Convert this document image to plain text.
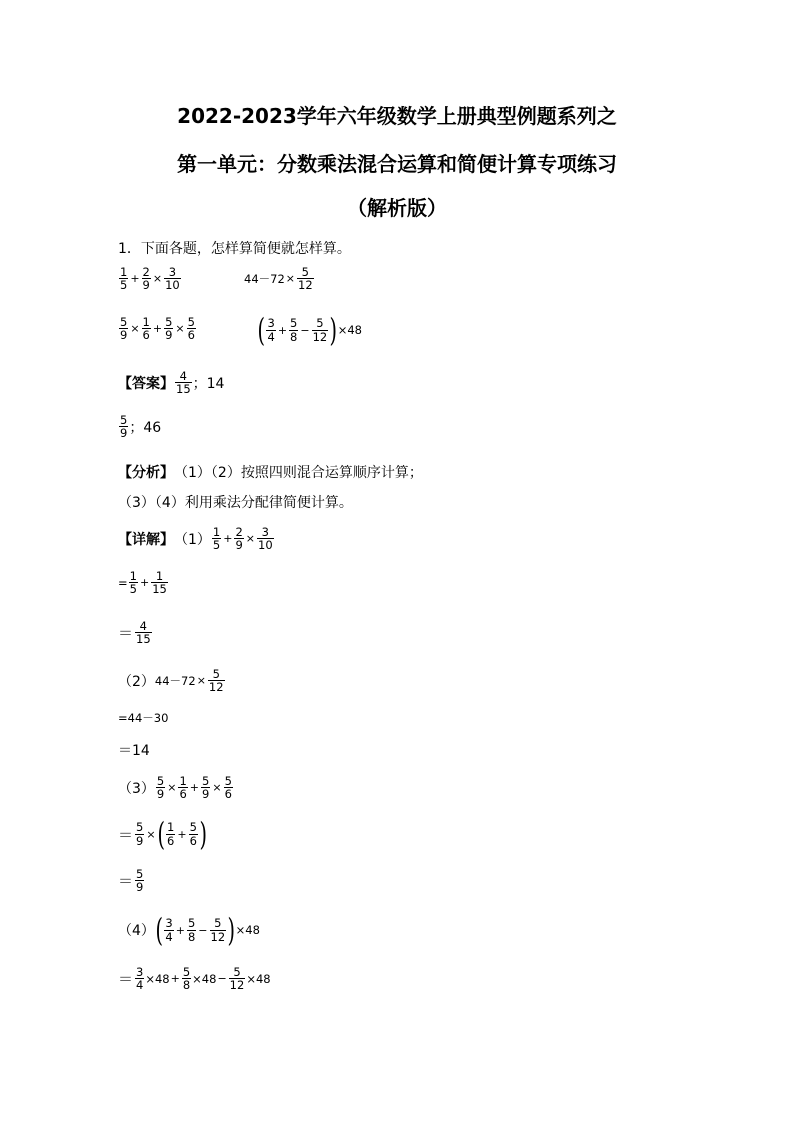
2022-2023学年六年级数学上册典型例题系列之
第一单元：分数乘法混合运算和简便计算专项练习
（解析版）
1．下面各题，怎样算简便就怎样算。
$\frac{1}{5} + \frac{2}{9} \times \frac{3}{10}$	$44-72 \times \frac{5}{12}$
$\frac{5}{9} \times \frac{1}{6} + \frac{5}{9} \times \frac{5}{6}$ ( $\frac{3}{4} + \frac{5}{8} - \frac{5}{12}$ ) ×48
【答案】 $\frac{4}{15}$ ；14
$\frac{5}{9}$ ；46
【分析】 （1）（2）按照四则混合运算顺序计算；
（3）（4）利用乘法分配律简便计算。
【详解】 $(1) \frac{1}{5} + \frac{2}{9} \times \frac{3}{10}$
= $\frac{1}{5} + \frac{1}{15}$
＝ $\frac{4}{15}$
（2） $44-72 \times \frac{5}{12}$
=44－30
＝14
$(3) \frac{5}{9} \times \frac{1}{6} + \frac{5}{9} \times \frac{5}{6}$
＝ $\frac{5}{9}$ × ( $\frac{1}{6} + \frac{5}{6}$ )
＝ $\frac{5}{9}$
（4） ( $\frac{3}{4} + \frac{5}{8} - \frac{5}{12}$ ) ×48
＝ $\frac{3}{4} \times 48 + \frac{5}{8} \times 48 - \frac{5}{12} \times 48$
